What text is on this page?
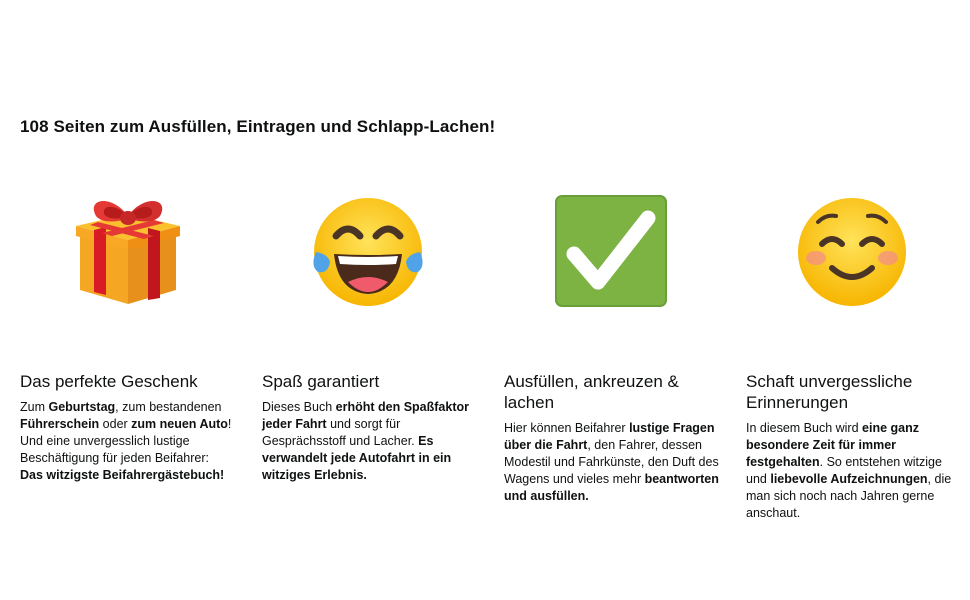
108 Seiten zum Ausfüllen, Eintragen und Schlapp-Lachen!
Das perfekte Geschenk

Zum Geburtstag, zum bestandenen Führerschein oder zum neuen Auto! Und eine unvergesslich lustige Beschäftigung für jeden Beifahrer: Das witzigste Beifahrergästebuch!

Spaß garantiert

Dieses Buch erhöht den Spaßfaktor jeder Fahrt und sorgt für Gesprächsstoff und Lacher. Es verwandelt jede Autofahrt in ein witziges Erlebnis.

Ausfüllen, ankreuzen & lachen

Hier können Beifahrer lustige Fragen über die Fahrt, den Fahrer, dessen Modestil und Fahrkünste, den Duft des Wagens und vieles mehr beantworten und ausfüllen.

Schaft unvergessliche Erinnerungen

In diesem Buch wird eine ganz besondere Zeit für immer festgehalten. So entstehen witzige und liebevolle Aufzeichnungen, die man sich noch nach Jahren gerne anschaut.
